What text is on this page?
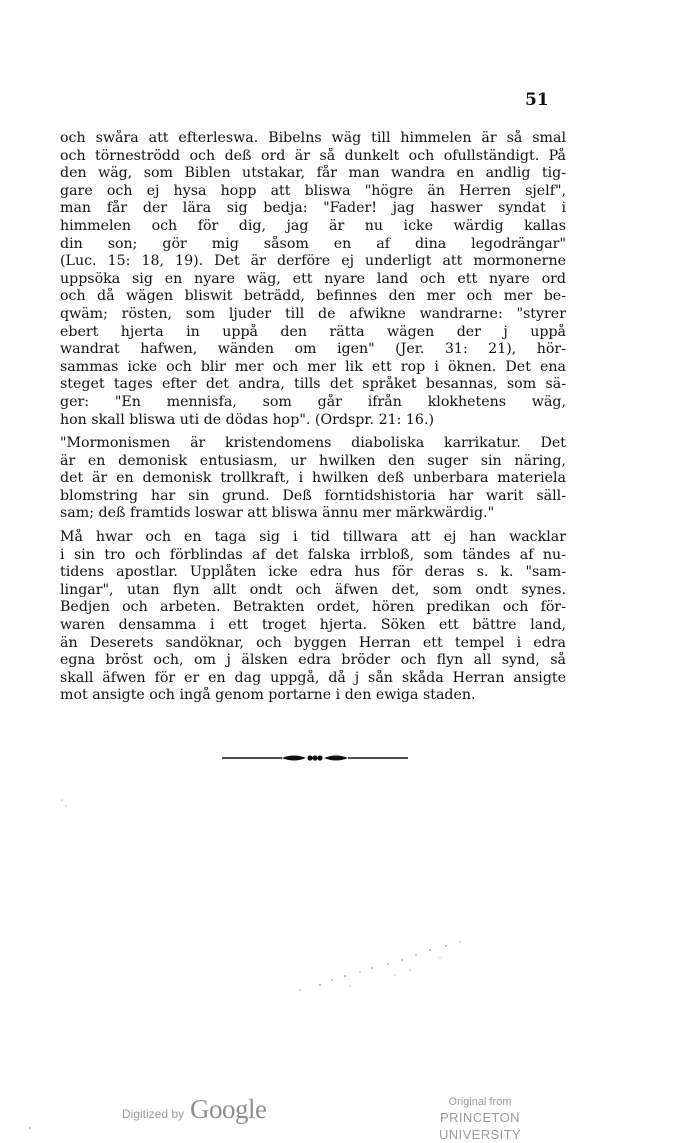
51
och swåra att efterleswa. Bibelns wäg till himmelen är så smal
och törneströdd och deß ord är så dunkelt och ofullständigt. På
den wäg, som Biblen utstakar, får man wandra en andlig tig-
gare och ej hysa hopp att bliswa "högre än Herren sjelf",
man får der lära sig bedja: "Fader! jag haswer syndat i
himmelen och för dig, jag är nu icke wärdig kallas
din son; gör mig såsom en af dina legodrängar"
(Luc. 15: 18, 19). Det är derföre ej underligt att mormonerne
uppsöka sig en nyare wäg, ett nyare land och ett nyare ord
och då wägen bliswit beträdd, befinnes den mer och mer be-
qwäm; rösten, som ljuder till de afwikne wandrarne: "styrer
ebert hjerta in uppå den rätta wägen der j uppå
wandrat hafwen, wänden om igen" (Jer. 31: 21), hör-
sammas icke och blir mer och mer lik ett rop i öknen. Det ena
steget tages efter det andra, tills det språket besannas, som sä-
ger: "En mennisfa, som går ifrån klokhetens wäg,
hon skall bliswa uti de dödas hop". (Ordspr. 21: 16.)
"Mormonismen är kristendomens diaboliska karrikatur. Det
är en demonisk entusiasm, ur hwilken den suger sin näring,
det är en demonisk trollkraft, i hwilken deß unberbara materiela
blomstring har sin grund. Deß forntidshistoria har warit säll-
sam; deß framtids loswar att bliswa ännu mer märkwärdig."
Må hwar och en taga sig i tid tillwara att ej han wacklar
i sin tro och förblindas af det falska irrbloß, som tändes af nu-
tidens apostlar. Upplåten icke edra hus för deras s. k. "sam-
lingar", utan flyn allt ondt och äfwen det, som ondt synes.
Bedjen och arbeten. Betrakten ordet, hören predikan och för-
waren densamma i ett troget hjerta. Söken ett bättre land,
än Deserets sandöknar, och byggen Herran ett tempel i edra
egna bröst och, om j älsken edra bröder och flyn all synd, så
skall äfwen för er en dag uppgå, då j sån skåda Herran ansigte
mot ansigte och ingå genom portarne i den ewiga staden.
Digitized by Google	Original from
PRINCETON UNIVERSITY
